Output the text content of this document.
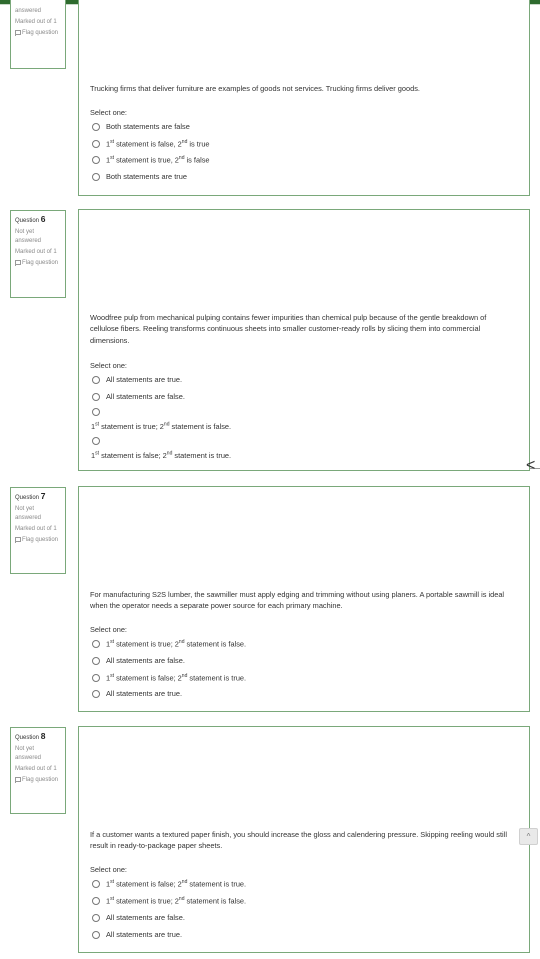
answered
Marked out of 1
Flag question
Trucking firms that deliver furniture are examples of goods not services. Trucking firms deliver goods.
Select one:
Both statements are false
1st statement is false, 2nd is true
1st statement is true, 2nd is false
Both statements are true
Question 6
Not yet answered
Marked out of 1
Flag question
Woodfree pulp from mechanical pulping contains fewer impurities than chemical pulp because of the gentle breakdown of cellulose fibers. Reeling transforms continuous sheets into smaller customer-ready rolls by slicing them into commercial dimensions.
Select one:
All statements are true.
All statements are false.
1st statement is true; 2nd statement is false.
1st statement is false; 2nd statement is true.
<
Question 7
Not yet answered
Marked out of 1
Flag question
For manufacturing S2S lumber, the sawmiller must apply edging and trimming without using planers. A portable sawmill is ideal when the operator needs a separate power source for each primary machine.
Select one:
1st statement is true; 2nd statement is false.
All statements are false.
1st statement is false; 2nd statement is true.
All statements are true.
Question 8
Not yet answered
Marked out of 1
Flag question
If a customer wants a textured paper finish, you should increase the gloss and calendering pressure. Skipping reeling would still result in ready-to-package paper sheets.
Select one:
1st statement is false; 2nd statement is true.
1st statement is true; 2nd statement is false.
All statements are false.
All statements are true.
^
